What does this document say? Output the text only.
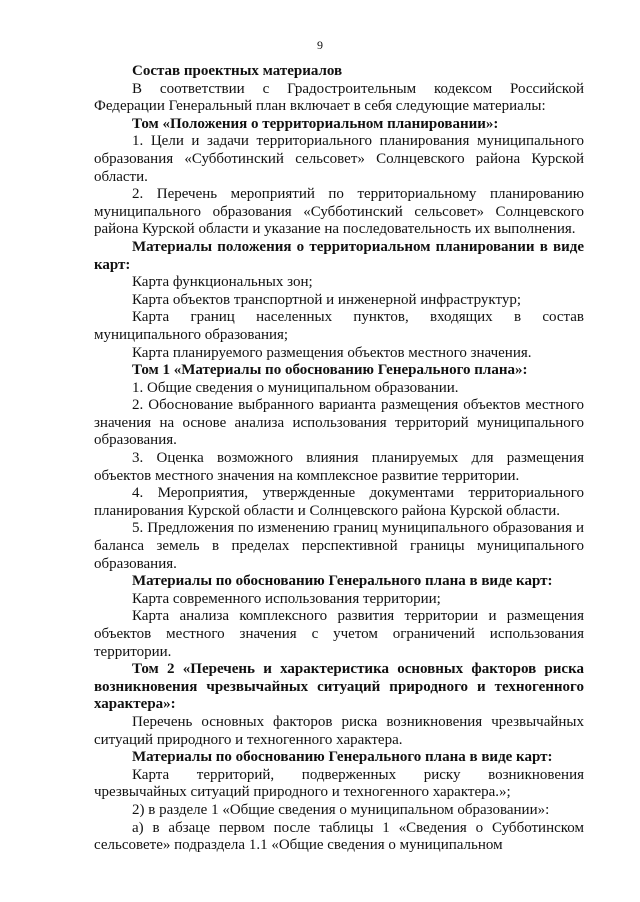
9

Состав проектных материалов

В соответствии с Градостроительным кодексом Российской Федерации Генеральный план включает в себя следующие материалы:

Том «Положения о территориальном планировании»:

1. Цели и задачи территориального планирования муниципального образования «Субботинский сельсовет» Солнцевского района Курской области.

2. Перечень мероприятий по территориальному планированию муниципального образования «Субботинский сельсовет» Солнцевского района Курской области и указание на последовательность их выполнения.

Материалы положения о территориальном планировании в виде карт:

Карта функциональных зон;

Карта объектов транспортной и инженерной инфраструктур;

Карта границ населенных пунктов, входящих в состав муниципального образования;

Карта планируемого размещения объектов местного значения.

Том 1 «Материалы по обоснованию Генерального плана»:

1. Общие сведения о муниципальном образовании.

2. Обоснование выбранного варианта размещения объектов местного значения на основе анализа использования территорий муниципального образования.

3. Оценка возможного влияния планируемых для размещения объектов местного значения на комплексное развитие территории.

4. Мероприятия, утвержденные документами территориального планирования Курской области и Солнцевского района Курской области.

5. Предложения по изменению границ муниципального образования и баланса земель в пределах перспективной границы муниципального образования.

Материалы по обоснованию Генерального плана в виде карт:

Карта современного использования территории;

Карта анализа комплексного развития территории и размещения объектов местного значения с учетом ограничений использования территории.

Том 2 «Перечень и характеристика основных факторов риска возникновения чрезвычайных ситуаций природного и техногенного характера»:

Перечень основных факторов риска возникновения чрезвычайных ситуаций природного и техногенного характера.

Материалы по обоснованию Генерального плана в виде карт:

Карта территорий, подверженных риску возникновения чрезвычайных ситуаций природного и техногенного характера.»;

2) в разделе 1 «Общие сведения о муниципальном образовании»:

а) в абзаце первом после таблицы 1 «Сведения о Субботинском сельсовете» подраздела 1.1 «Общие сведения о муниципальном
